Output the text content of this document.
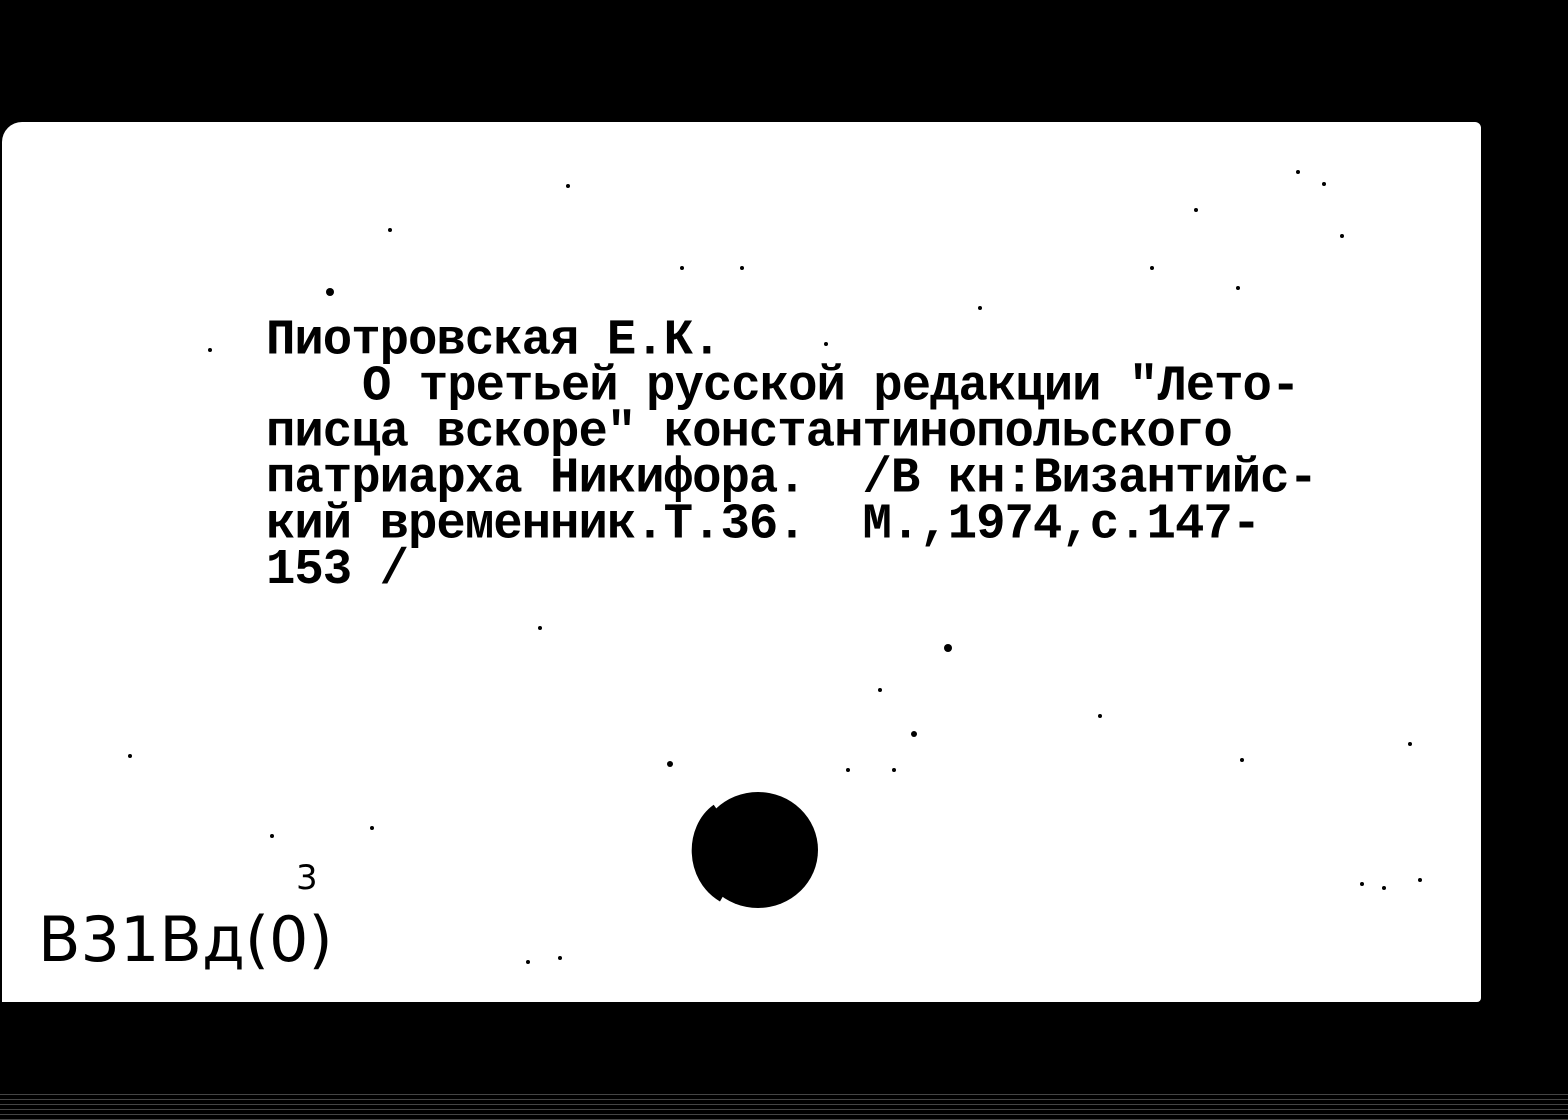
Пиотровская Е.К.
О третьей русской редакции "Лето-
писца вскоре" константинопольского
патриарха Никифора.  /В кн:Византийс-
кий временник.Т.36.  М.,1974,с.147-
153 /
3
В31Вд(0)
